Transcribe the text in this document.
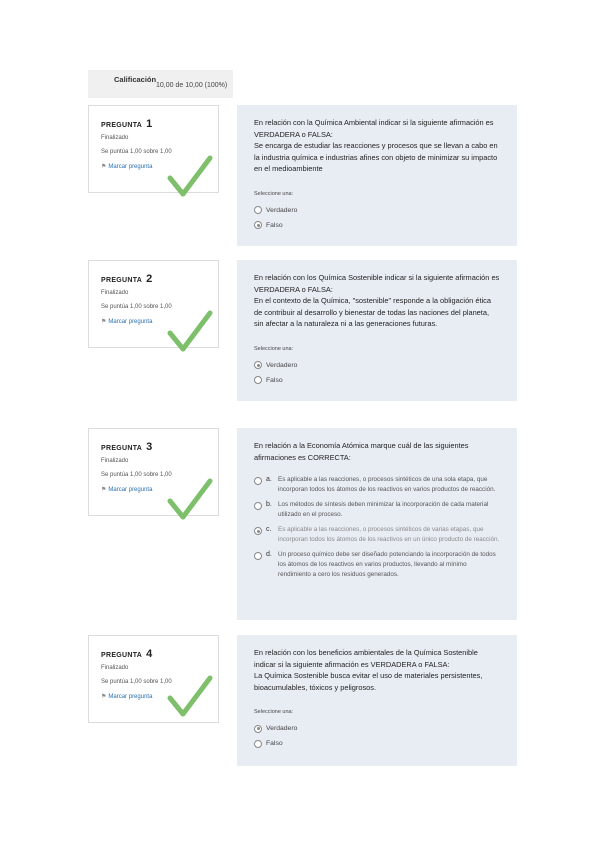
Calificación
10,00 de 10,00 (100%)
PREGUNTA 1
Finalizado
Se puntúa 1,00 sobre 1,00
⚑ Marcar pregunta

En relación con la Química Ambiental indicar si la siguiente afirmación es VERDADERA o FALSA:

Se encarga de estudiar las reacciones y procesos que se llevan a cabo en la industria química e industrias afines con objeto de minimizar su impacto en el medioambiente

Seleccione una:
Verdadero
Falso
PREGUNTA 2
Finalizado
Se puntúa 1,00 sobre 1,00
⚑ Marcar pregunta

En relación con los Química Sostenible indicar si la siguiente afirmación es VERDADERA o FALSA:

En el contexto de la Química, "sostenible" responde a la obligación ética de contribuir al desarrollo y bienestar de todas las naciones del planeta, sin afectar a la naturaleza ni a las generaciones futuras.

Seleccione una:
Verdadero
Falso
PREGUNTA 3
Finalizado
Se puntúa 1,00 sobre 1,00
⚑ Marcar pregunta

En relación a la Economía Atómica marque cuál de las siguientes afirmaciones es CORRECTA:

a. Es aplicable a las reacciones, o procesos sintéticos de una sola etapa, que incorporan todos los átomos de los reactivos en varios productos de reacción.
b. Los métodos de síntesis deben minimizar la incorporación de cada material utilizado en el proceso.
c.	Es aplicable a las reacciones, o procesos sintéticos de varias etapas, que incorporan todos los átomos de los reactivos en un único producto de reacción.
d. Un proceso químico debe ser diseñado potenciando la incorporación de todos los átomos de los reactivos en varios productos, llevando al mínimo rendimiento a cero los residuos generados.
PREGUNTA 4
Finalizado
Se puntúa 1,00 sobre 1,00
⚑ Marcar pregunta

En relación con los beneficios ambientales de la Química Sostenible indicar si la siguiente afirmación es VERDADERA o FALSA:

La Química Sostenible busca evitar el uso de materiales persistentes, bioacumulables, tóxicos y peligrosos.

Seleccione una:
Verdadero
Falso
